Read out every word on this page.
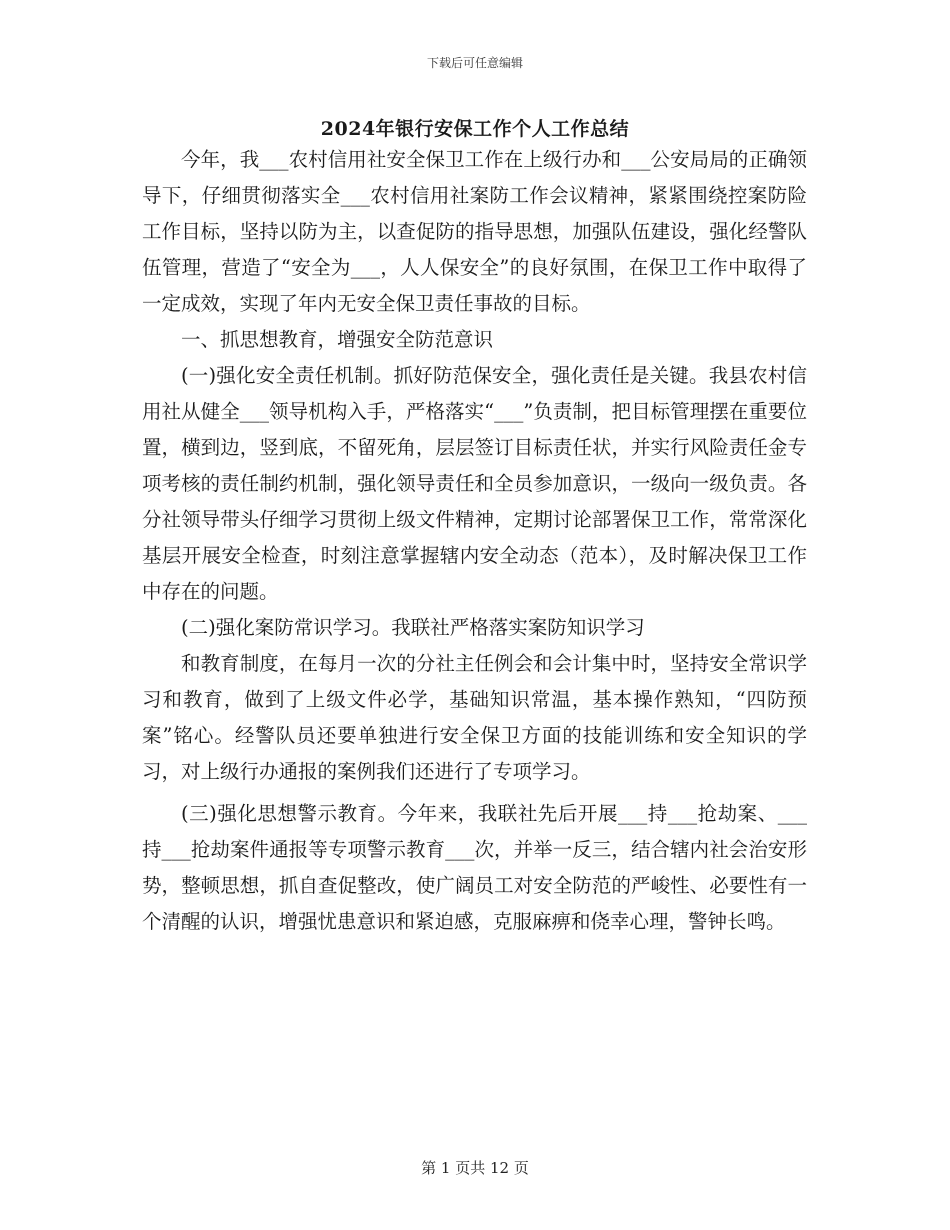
下载后可任意编辑
2024年银行安保工作个人工作总结

今年，我___农村信用社安全保卫工作在上级行办和___公安局局的正确领导下，仔细贯彻落实全___农村信用社案防工作会议精神，紧紧围绕控案防险工作目标，坚持以防为主，以查促防的指导思想，加强队伍建设，强化经警队伍管理，营造了“安全为___，人人保安全”的良好氛围，在保卫工作中取得了一定成效，实现了年内无安全保卫责任事故的目标。

一、抓思想教育，增强安全防范意识

(一)强化安全责任机制。抓好防范保安全，强化责任是关键。我县农村信用社从健全___领导机构入手，严格落实“___”负责制，把目标管理摆在重要位置，横到边，竖到底，不留死角，层层签订目标责任状，并实行风险责任金专项考核的责任制约机制，强化领导责任和全员参加意识，一级向一级负责。各分社领导带头仔细学习贯彻上级文件精神，定期讨论部署保卫工作，常常深化基层开展安全检查，时刻注意掌握辖内安全动态（范本），及时解决保卫工作中存在的问题。

(二)强化案防常识学习。我联社严格落实案防知识学习

和教育制度，在每月一次的分社主任例会和会计集中时，坚持安全常识学习和教育，做到了上级文件必学，基础知识常温，基本操作熟知，“四防预案”铭心。经警队员还要单独进行安全保卫方面的技能训练和安全知识的学习，对上级行办通报的案例我们还进行了专项学习。

(三)强化思想警示教育。今年来，我联社先后开展___持___抢劫案、___持___抢劫案件通报等专项警示教育___次，并举一反三，结合辖内社会治安形势，整顿思想，抓自查促整改，使广阔员工对安全防范的严峻性、必要性有一个清醒的认识，增强忧患意识和紧迫感，克服麻痹和侥幸心理，警钟长鸣。

第 1 页共 12 页
